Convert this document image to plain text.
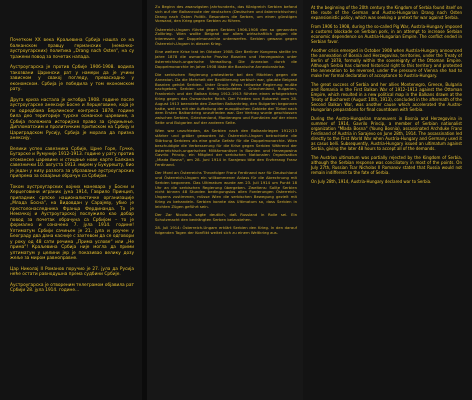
Почетком XX века Краљевина Србија нашла се на балканском правцу германских (немачко-аустроугарских) политика „Drang nach Osten“, на су тражени повод за почетак напада.

Аустроугарска је против Србије 1906-1908. водила такозвани Царински рат у намери да је учини зависном у свакој погледу, превасходно у економском. Србија је победила у том економском рату.

Друга криза настала је октобра 1908. године после аустроугарске анексије Босне и Херцеговине, која је по одредбама Берлинског конгреса 1878. године била део територије турске османске царевине, а Србија положила историјско право за сједињење. Дипломатским и пролитичким притиском на Србију и Цариградском Русију, Србија је морала да призна анексију.

Велики успех савезника Србије, Црне Горе, Грчке, Бугарске и Румуније 1912-1913. године у рату против отоманске царевине и стицање нове карте Балкана савезнички 10. августа 1913. мирем у Букурешту, био је један у низу разлога за убрзавање аустроугарских припрема за освајање обрачун са Србијом.

Током аустроугарских војних маневара у Босни и Херцеговини играних јуна 1914, Гаврило Принцип, припадник српске националистичке организације „Млада Босна“, на Видовдан у Сарајеву, убио је престолонаследника Франца Фердинанда. То је Немачкој и Аустроугарској послужило као добар повод за почетак обрачуна са Србијом – то је формално и означено 7. јула 1914. године! Ултиматум Србији сачињен је 21. јула и уручен у Београду два дана касније с захтевом да се одговори у року од 48 сати речима „Прима условe“ или „Не прима“! Краљевина Србија није могла да прими ултиматум у целини јер је показивао велику дозу жеље за миром равноправне.

Цар Николај II Романов поручио је 27. јула да Русија неће остати равнодушна према судбини Србије.

Аустроугарска је отвореним телеграмом објавила рат Србији 28. јула 1914. године...

Zu Beginn des zwanzigsten Jahrhunderts, das Königreich Serbien befand sich auf der Balkanroute der deutschen (Deutschen und österreichischen) Drang nach Osten Politik. Besonders die Serben, um einen günstigen Vorwand, den Krieg gegen Serbien zu führen.

Österreich-Ungarn führte gegen Serbien 1906-1908 den so genannten Zollkrieg. Wien wollte Belgrad vor allem wirtschaftlich gegen die Interessen der Doppelmonarchie unterwerfen. Serbien gewann gegen Österreich-Ungarn in diesem Krieg.

Eine weitere Krise trat im Oktober 1908. Der Berliner Kongress stellte im Jahre 1878 die osmanische Provinz Bosnien und Herzegowina unter österreichisch-ungarische Verwaltung. Die Annexion durch die Doppelmonarchie im Jahre 1908 löste die Bosnische Annexionskrise.

Die serbischen Regierung protestierte bei den Mächten gegen die Annexion. Da die Mehrheit der Bevölkerung serbisch war, glaubte Belgrad Bosnien gehört Serbien. Unter Druck Wiens teilweise Regierung mußte nachgeben. Serbien und ihre Verbündeten – Griechenland, Bulgarien, Frankreich und der Balkan Krieg 1912-1913 führten einen erfolgreichen Krieg gegen das Osmanische Reich. Der Frieden von Bukarest vom 28. August 1913 beendete den Zweiten Balkankrieg, den Bulgarien begonnen hatte, weil es mit der Aufteilung der europäischen Gebiete der Türkei nach dem Ersten Balkankrieg unzufrieden war. Der Vertrag wurde geschlossen zwischen Serbien, Griechenland, Montenegro und Rumänien auf der einen Seite und Bulgarien auf der anderen Seite.

Wien war unzufrieden, da Serbien nach den Balkankriegen 1912/13 stärker und größer geworden ist. Österreich-Ungarn betrachtete die Stärkung Serbiens als eine große Gefahr für die Doppelmonarchie. Wien beschuldigte die Verbesserung für die Krise gegen Serbien Während der österreichisch-ungarischen Militärmanöver in Bosnien und Herzegowina Gavrilo Princip, ein Mitglied der serbischen Nationalen Organisation „Mlada Bosna“, am 28. Juni 1914 in Sarajewo töte den Erzherzog Franz Ferdinand.

Der Mord an Österreichs Thronfolger Franz Ferdinand war für Deutschland und Österreich-Ungarn ein willkommener Anlass für die Abrechnung mit Serbien begonnen. Das Ultimatum wurde am 23. Juli 1914 um Punkt 18 Uhr an die serbischen Regierung übergeben. Zweitens: Sollte Serbien nicht binnen 48 Stunden bedingungslos allen Forderungen Österreich-Ungarns zustimmen, müsse Wien die serbischen Bewegung gezielt mit Krieg zu behandeln. Serbien konnte das Ultimatum so, dass Serbien in leichten Zügen geführt sein.

Der Zar Nicolaus sagte deutlich, daß Russland in Rolle sei. Ein Schutzmacht den bedrängten Serben beizustehen.

28. Juli 1914: Österreich-Ungarn erklärt Serbien den Krieg. In den darauf folgenden Tagen der Konflikt weitet sich zu einem Weltkrieg aus.

At the beginning of the 20th century the Kingdom of Serbia found itself on the route of the German and Austro-Hungarian Drang nach Osten expansionistic policy, which was seeking a pretext for war against Serbia.

From 1906 to 1908, during the so-called Pig War, Austria-Hungary imposed a customs blockade on Serbian pork, in an attempt to increase Serbian economic dependence on Austria-Hungarian Empire. The conflict ended in Serbian favor.

Another crisis emerged in October 1908 when Austria-Hungary announced the annexation of Bosnia and Herzegovina, territories, under the Treaty of Berlin of 1878, formally within the sovereignty of the Ottoman Empire. Although Serbia has claimed historical right to this territory and protested the annexation to be reversed, under the pressure of Vienna she had to make her formal declaration of acceptance to Austria-Hungary.

The great success of Serbia and her allies Montenegro, Greece, Bulgaria and Romania in the First Balkan War of 1912–1913 against the Ottoman Empire, which resulted in a new political map in the Balkans drawn at the Treaty of Bucharest (August 10th, 1913), concluded in the aftermath of the Second Balkan War, was another cause which accelerated the Austro-Hungarian preparations for final countdown with Serbia.

During the Austro-Hungarian maneuvers in Bosnia and Herzegovina in summer of 1914, Gavrilo Princip, a member of Serbian nationalist organization "Mlada Bosna" (Young Bosnia), assassinated Archduke Franz Ferdinand of Austria in Sarajevo on June 28th, 1914. The assassination led directly to the First World War when Austria-Hungary and Germany used it as casus belli. Subsequently, Austria-Hungary issued an ultimatum against Serbia, giving the later 48 hours to accept all of the demands.

The Austrian ultimatum was partially rejected by the Kingdom of Serbia, although the Serbian response was conciliatory in most of the points. On July 27th, Russian Tsar Nicholas II Romanov stated that Russia would not remain indifferent to the fate of Serbia.

On July 28th, 1914, Austria-Hungary declared war to Serbia.
